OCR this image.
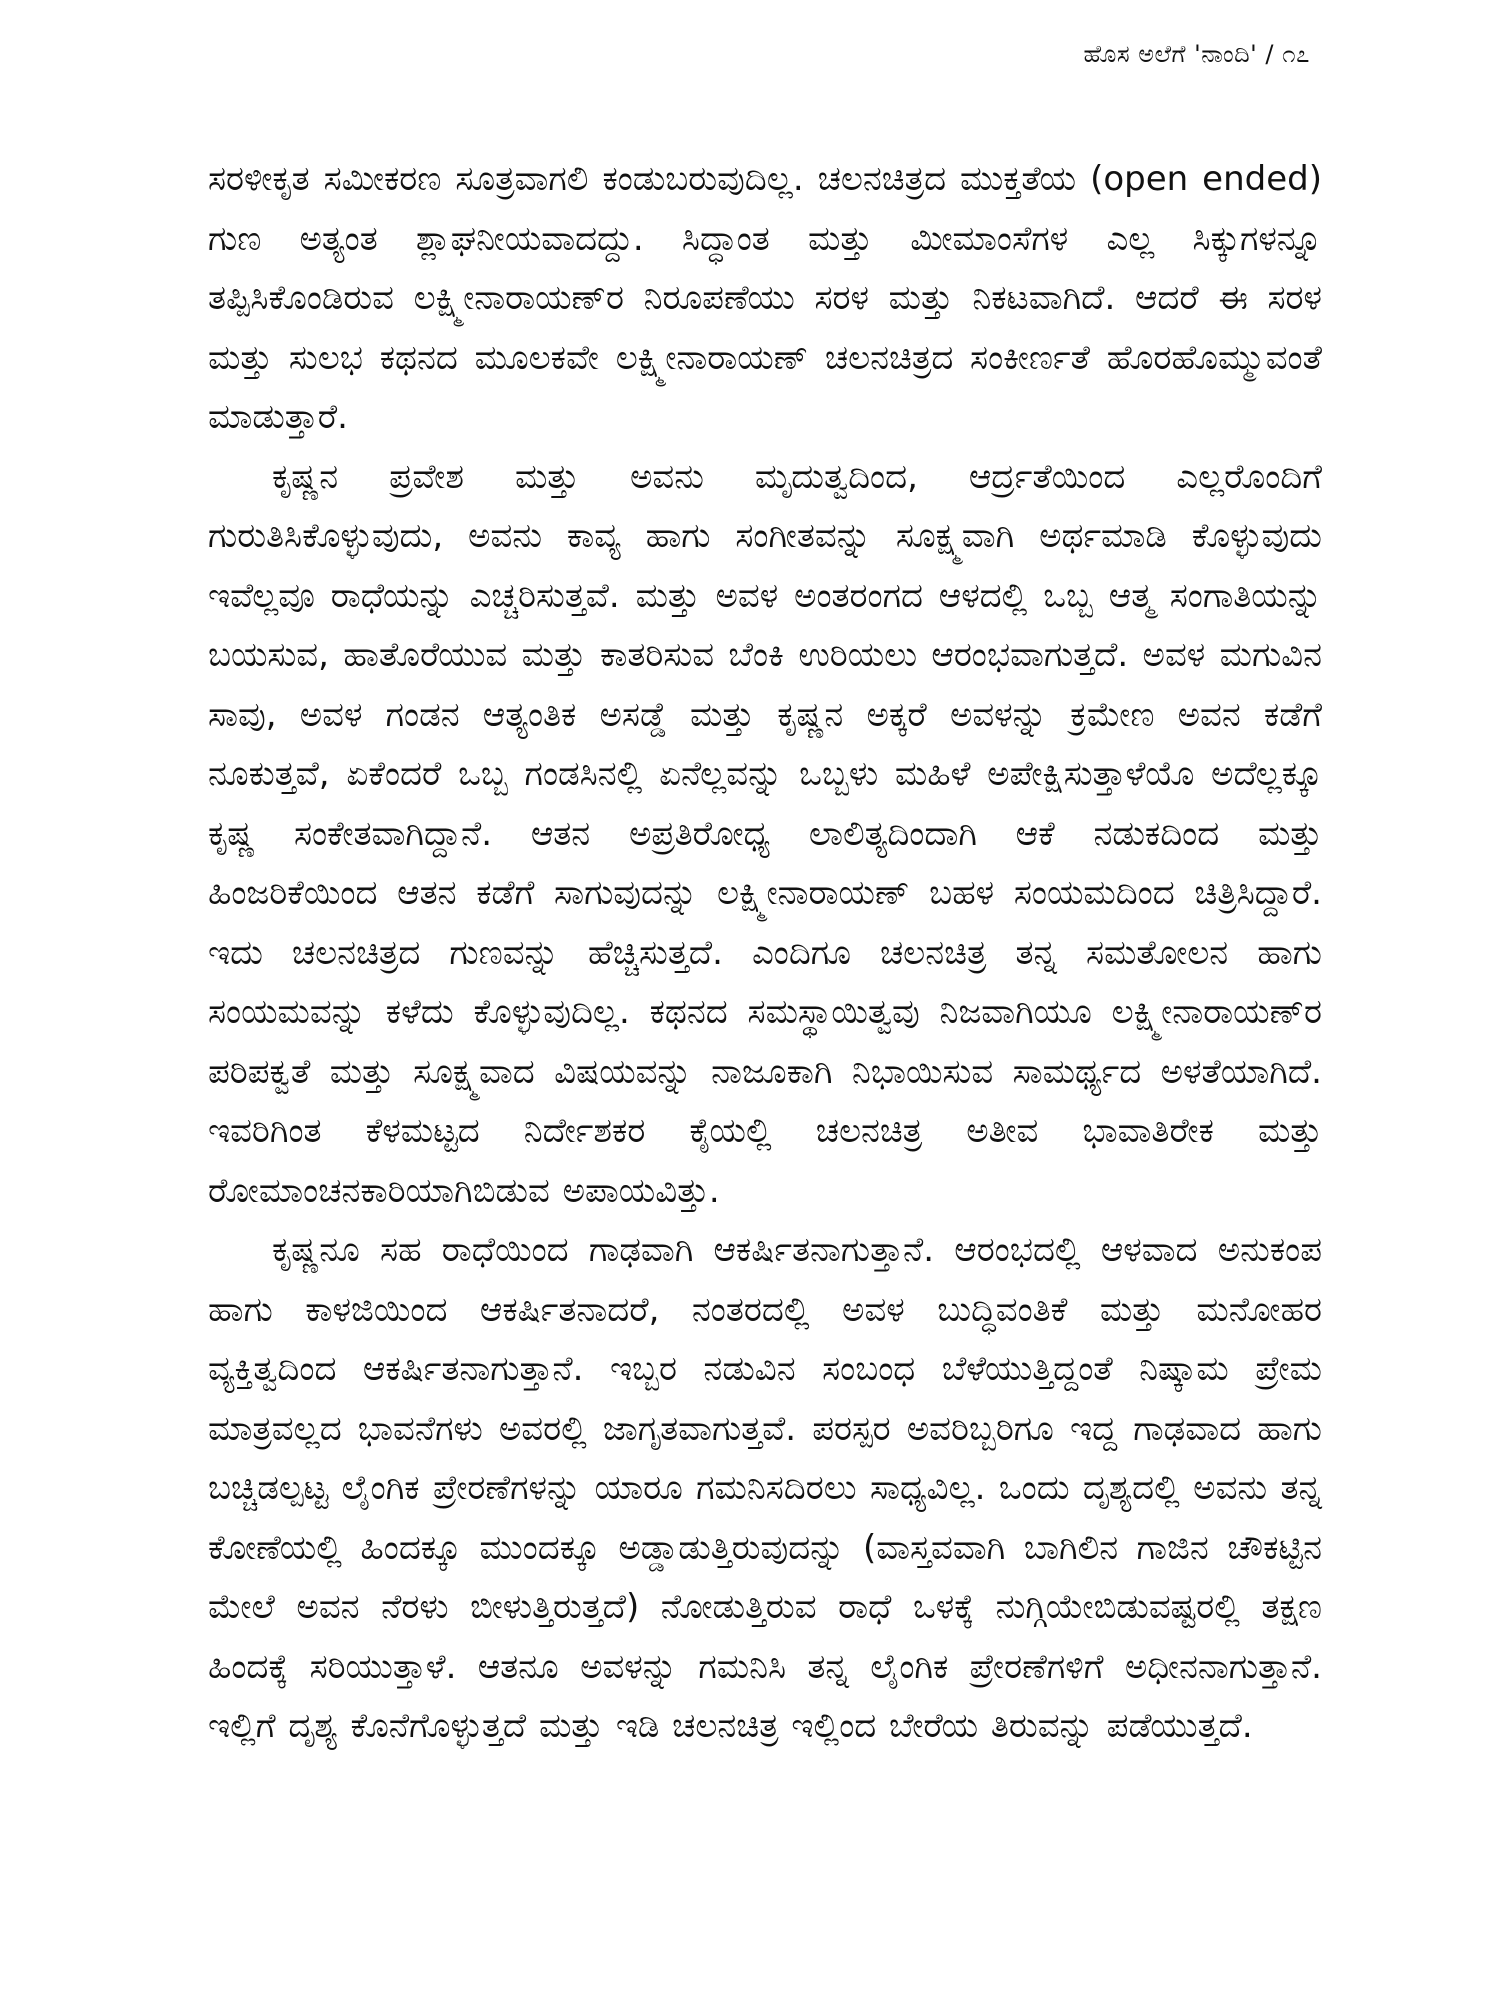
ಹೊಸ ಅಲೆಗೆ 'ನಾಂದಿ' / ೧೭

ಸರಳೀಕೃತ ಸಮೀಕರಣ ಸೂತ್ರವಾಗಲಿ ಕಂಡುಬರುವುದಿಲ್ಲ. ಚಲನಚಿತ್ರದ ಮುಕ್ತತೆಯ (open ended) ಗುಣ ಅತ್ಯಂತ ಶ್ಲಾಘನೀಯವಾದದ್ದು. ಸಿದ್ಧಾಂತ ಮತ್ತು ಮೀಮಾಂಸೆಗಳ ಎಲ್ಲ ಸಿಕ್ಕುಗಳನ್ನೂ ತಪ್ಪಿಸಿಕೊಂಡಿರುವ ಲಕ್ಷ್ಮೀನಾರಾಯಣ್‌ರ ನಿರೂಪಣೆಯು ಸರಳ ಮತ್ತು ನಿಕಟವಾಗಿದೆ. ಆದರೆ ಈ ಸರಳ ಮತ್ತು ಸುಲಭ ಕಥನದ ಮೂಲಕವೇ ಲಕ್ಷ್ಮೀನಾರಾಯಣ್ ಚಲನಚಿತ್ರದ ಸಂಕೀರ್ಣತೆ ಹೊರಹೊಮ್ಮುವಂತೆ ಮಾಡುತ್ತಾರೆ.

ಕೃಷ್ಣನ ಪ್ರವೇಶ ಮತ್ತು ಅವನು ಮೃದುತ್ವದಿಂದ, ಆರ್ದ್ರತೆಯಿಂದ ಎಲ್ಲರೊಂದಿಗೆ ಗುರುತಿಸಿಕೊಳ್ಳುವುದು, ಅವನು ಕಾವ್ಯ ಹಾಗು ಸಂಗೀತವನ್ನು ಸೂಕ್ಷ್ಮವಾಗಿ ಅರ್ಥಮಾಡಿ ಕೊಳ್ಳುವುದು ಇವೆಲ್ಲವೂ ರಾಧೆಯನ್ನು ಎಚ್ಚರಿಸುತ್ತವೆ. ಮತ್ತು ಅವಳ ಅಂತರಂಗದ ಆಳದಲ್ಲಿ ಒಬ್ಬ ಆತ್ಮ ಸಂಗಾತಿಯನ್ನು ಬಯಸುವ, ಹಾತೊರೆಯುವ ಮತ್ತು ಕಾತರಿಸುವ ಬೆಂಕಿ ಉರಿಯಲು ಆರಂಭವಾಗುತ್ತದೆ. ಅವಳ ಮಗುವಿನ ಸಾವು, ಅವಳ ಗಂಡನ ಆತ್ಯಂತಿಕ ಅಸಡ್ಡೆ ಮತ್ತು ಕೃಷ್ಣನ ಅಕ್ಕರೆ ಅವಳನ್ನು ಕ್ರಮೇಣ ಅವನ ಕಡೆಗೆ ನೂಕುತ್ತವೆ, ಏಕೆಂದರೆ ಒಬ್ಬ ಗಂಡಸಿನಲ್ಲಿ ಏನೆಲ್ಲವನ್ನು ಒಬ್ಬಳು ಮಹಿಳೆ ಅಪೇಕ್ಷಿಸುತ್ತಾಳೆಯೊ ಅದೆಲ್ಲಕ್ಕೂ ಕೃಷ್ಣ ಸಂಕೇತವಾಗಿದ್ದಾನೆ. ಆತನ ಅಪ್ರತಿರೋಧ್ಯ ಲಾಲಿತ್ಯದಿಂದಾಗಿ ಆಕೆ ನಡುಕದಿಂದ ಮತ್ತು ಹಿಂಜರಿಕೆಯಿಂದ ಆತನ ಕಡೆಗೆ ಸಾಗುವುದನ್ನು ಲಕ್ಷ್ಮೀನಾರಾಯಣ್ ಬಹಳ ಸಂಯಮದಿಂದ ಚಿತ್ರಿಸಿದ್ದಾರೆ. ಇದು ಚಲನಚಿತ್ರದ ಗುಣವನ್ನು ಹೆಚ್ಚಿಸುತ್ತದೆ. ಎಂದಿಗೂ ಚಲನಚಿತ್ರ ತನ್ನ ಸಮತೋಲನ ಹಾಗು ಸಂಯಮವನ್ನು ಕಳೆದು ಕೊಳ್ಳುವುದಿಲ್ಲ. ಕಥನದ ಸಮಸ್ಥಾಯಿತ್ವವು ನಿಜವಾಗಿಯೂ ಲಕ್ಷ್ಮೀನಾರಾಯಣ್‌ರ ಪರಿಪಕ್ವತೆ ಮತ್ತು ಸೂಕ್ಷ್ಮವಾದ ವಿಷಯವನ್ನು ನಾಜೂಕಾಗಿ ನಿಭಾಯಿಸುವ ಸಾಮರ್ಥ್ಯದ ಅಳತೆಯಾಗಿದೆ. ಇವರಿಗಿಂತ ಕೆಳಮಟ್ಟದ ನಿರ್ದೇಶಕರ ಕೈಯಲ್ಲಿ ಚಲನಚಿತ್ರ ಅತೀವ ಭಾವಾತಿರೇಕ ಮತ್ತು ರೋಮಾಂಚನಕಾರಿಯಾಗಿಬಿಡುವ ಅಪಾಯವಿತ್ತು.

ಕೃಷ್ಣನೂ ಸಹ ರಾಧೆಯಿಂದ ಗಾಢವಾಗಿ ಆಕರ್ಷಿತನಾಗುತ್ತಾನೆ. ಆರಂಭದಲ್ಲಿ ಆಳವಾದ ಅನುಕಂಪ ಹಾಗು ಕಾಳಜಿಯಿಂದ ಆಕರ್ಷಿತನಾದರೆ, ನಂತರದಲ್ಲಿ ಅವಳ ಬುದ್ಧಿವಂತಿಕೆ ಮತ್ತು ಮನೋಹರ ವ್ಯಕ್ತಿತ್ವದಿಂದ ಆಕರ್ಷಿತನಾಗುತ್ತಾನೆ. ಇಬ್ಬರ ನಡುವಿನ ಸಂಬಂಧ ಬೆಳೆಯುತ್ತಿದ್ದಂತೆ ನಿಷ್ಕಾಮ ಪ್ರೇಮ ಮಾತ್ರವಲ್ಲದ ಭಾವನೆಗಳು ಅವರಲ್ಲಿ ಜಾಗೃತವಾಗುತ್ತವೆ. ಪರಸ್ಪರ ಅವರಿಬ್ಬರಿಗೂ ಇದ್ದ ಗಾಢವಾದ ಹಾಗು ಬಚ್ಚಿಡಲ್ಪಟ್ಟ ಲೈಂಗಿಕ ಪ್ರೇರಣೆಗಳನ್ನು ಯಾರೂ ಗಮನಿಸದಿರಲು ಸಾಧ್ಯವಿಲ್ಲ. ಒಂದು ದೃಶ್ಯದಲ್ಲಿ ಅವನು ತನ್ನ ಕೋಣೆಯಲ್ಲಿ ಹಿಂದಕ್ಕೂ ಮುಂದಕ್ಕೂ ಅಡ್ಡಾಡುತ್ತಿರುವುದನ್ನು (ವಾಸ್ತವವಾಗಿ ಬಾಗಿಲಿನ ಗಾಜಿನ ಚೌಕಟ್ಟಿನ ಮೇಲೆ ಅವನ ನೆರಳು ಬೀಳುತ್ತಿರುತ್ತದೆ) ನೋಡುತ್ತಿರುವ ರಾಧೆ ಒಳಕ್ಕೆ ನುಗ್ಗಿಯೇಬಿಡುವಷ್ಟರಲ್ಲಿ ತಕ್ಷಣ ಹಿಂದಕ್ಕೆ ಸರಿಯುತ್ತಾಳೆ. ಆತನೂ ಅವಳನ್ನು ಗಮನಿಸಿ ತನ್ನ ಲೈಂಗಿಕ ಪ್ರೇರಣೆಗಳಿಗೆ ಅಧೀನನಾಗುತ್ತಾನೆ. ಇಲ್ಲಿಗೆ ದೃಶ್ಯ ಕೊನೆಗೊಳ್ಳುತ್ತದೆ ಮತ್ತು ಇಡಿ ಚಲನಚಿತ್ರ ಇಲ್ಲಿಂದ ಬೇರೆಯ ತಿರುವನ್ನು ಪಡೆಯುತ್ತದೆ.
